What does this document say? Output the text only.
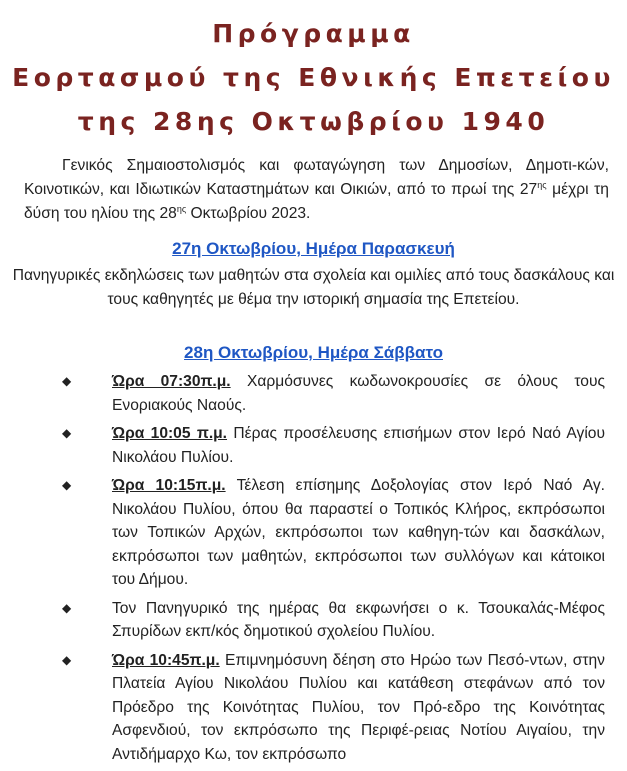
Πρόγραμμα
Εορτασμού της Εθνικής Επετείου
της 28ης Οκτωβρίου 1940

Γενικός Σημαιοστολισμός και φωταγώγηση των Δημοσίων, Δημοτι-κών, Κοινοτικών, και Ιδιωτικών Καταστημάτων και Οικιών, από το πρωί της $27^{\eta\varsigma}$ μέχρι τη δύση του ηλίου της $28^{\eta\varsigma}$ Οκτωβρίου 2023.

27η Οκτωβρίου, Ημέρα Παρασκευή

Πανηγυρικές εκδηλώσεις των μαθητών στα σχολεία και ομιλίες από τους δασκάλους και τους καθηγητές με θέμα την ιστορική σημασία της Επετείου.

28η Οκτωβρίου, Ημέρα Σάββατο
◆	Ώρα 07:30π.μ. Χαρμόσυνες κωδωνοκρουσίες σε όλους τους Ενοριακούς Ναούς.
◆	Ώρα 10:05 π.μ. Πέρας προσέλευσης επισήμων στον Ιερό Ναό Αγίου Νικολάου Πυλίου.
◆	Ώρα 10:15π.μ. Τέλεση επίσημης Δοξολογίας στον Ιερό Ναό Αγ. Νικολάου Πυλίου, όπου θα παραστεί ο Τοπικός Κλήρος, εκπρόσωποι των Τοπικών Αρχών, εκπρόσωποι των καθηγη-τών και δασκάλων, εκπρόσωποι των μαθητών, εκπρόσωποι των συλλόγων και κάτοικοι του Δήμου.
◆	Τον Πανηγυρικό της ημέρας θα εκφωνήσει ο κ. Τσουκαλάς-Μέφος Σπυρίδων εκπ/κός δημοτικού σχολείου Πυλίου.
◆	Ώρα 10:45π.μ. Επιμνημόσυνη δέηση στο Ηρώο των Πεσό-ντων, στην Πλατεία Αγίου Νικολάου Πυλίου και κατάθεση στεφάνων από τον Πρόεδρο της Κοινότητας Πυλίου, τον Πρό-εδρο της Κοινότητας Ασφενδιού, τον εκπρόσωπο της Περιφέ-ρειας Νοτίου Αιγαίου, την Αντιδήμαρχο Κω, τον εκπρόσωπο
